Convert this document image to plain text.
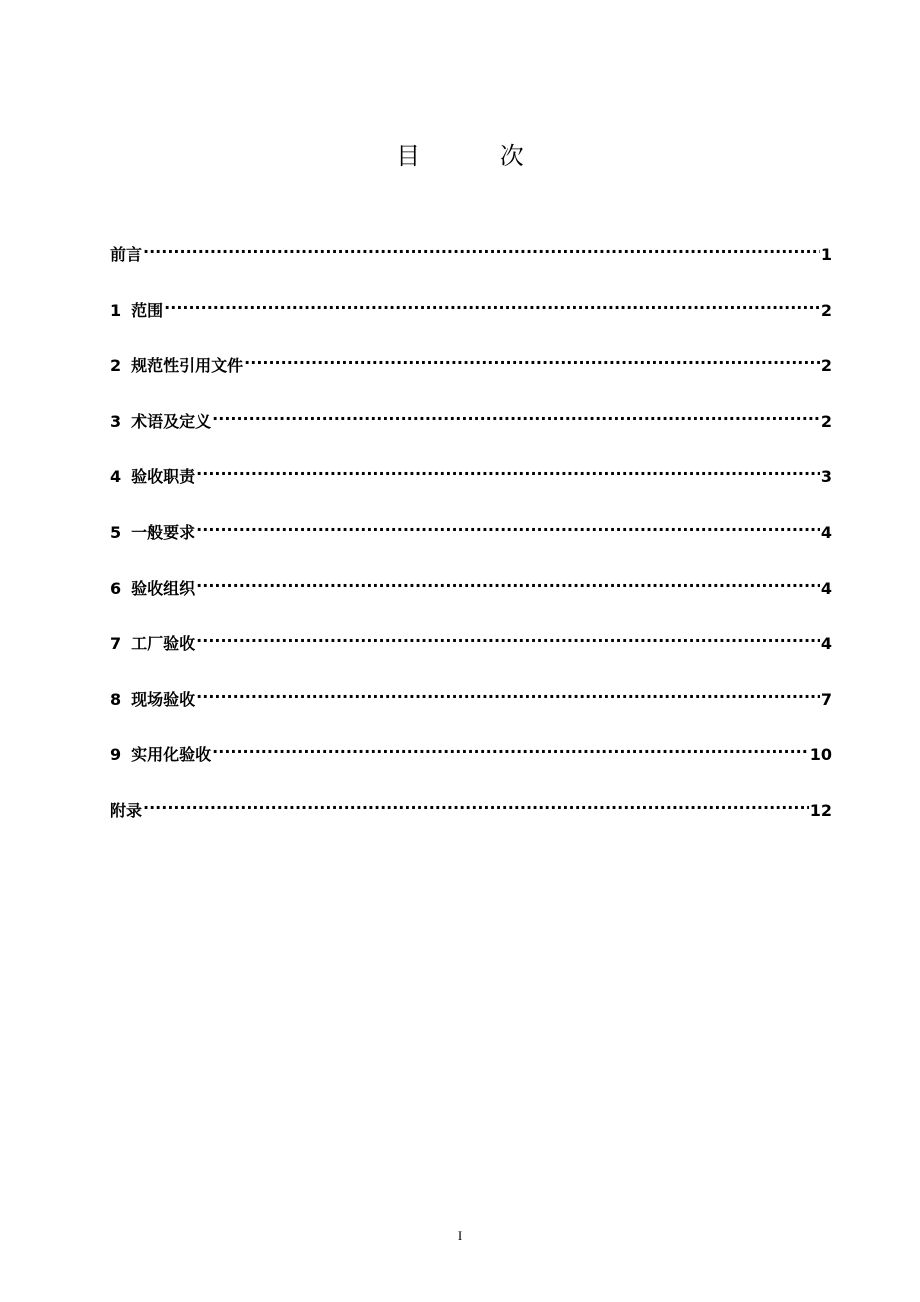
目 次
前言 .....	1
1 范围 .....	2
2 规范性引用文件 .....	2
3 术语及定义 .....	2
4 验收职责 .....	3
5 一般要求 .....	4
6 验收组织 .....	4
7 工厂验收 .....	4
8 现场验收 .....	7
9 实用化验收 .....	10
附录 .....	12
I
